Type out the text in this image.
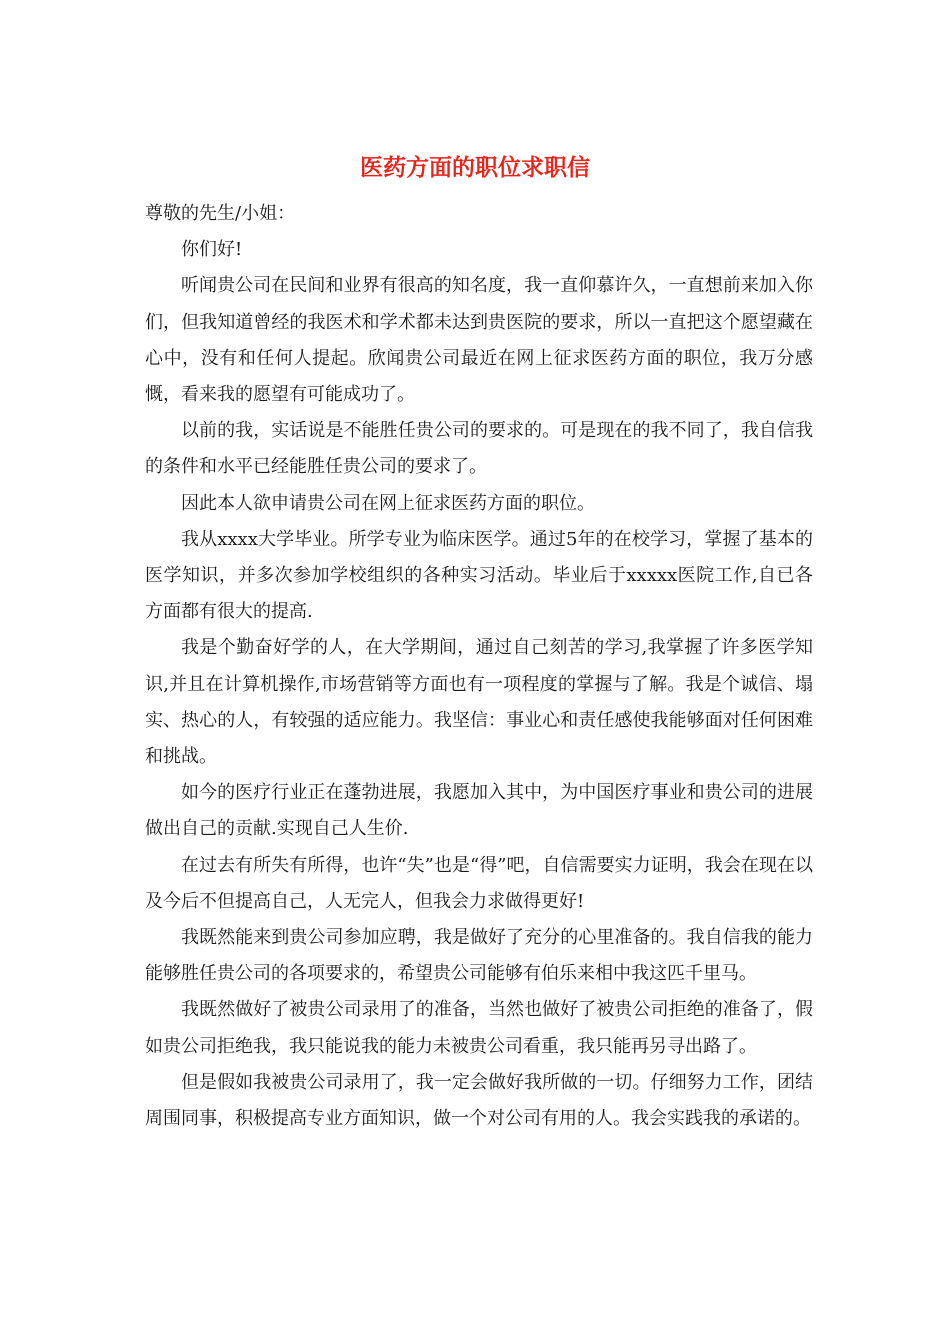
医药方面的职位求职信

尊敬的先生/小姐：

你们好!

听闻贵公司在民间和业界有很高的知名度，我一直仰慕许久，一直想前来加入你们，但我知道曾经的我医术和学术都未达到贵医院的要求，所以一直把这个愿望藏在心中，没有和任何人提起。欣闻贵公司最近在网上征求医药方面的职位，我万分感慨，看来我的愿望有可能成功了。

以前的我，实话说是不能胜任贵公司的要求的。可是现在的我不同了，我自信我的条件和水平已经能胜任贵公司的要求了。

因此本人欲申请贵公司在网上征求医药方面的职位。

我从xxxx大学毕业。所学专业为临床医学。通过5年的在校学习，掌握了基本的医学知识，并多次参加学校组织的各种实习活动。毕业后于xxxxx医院工作,自已各方面都有很大的提高.

我是个勤奋好学的人，在大学期间，通过自己刻苦的学习,我掌握了许多医学知识,并且在计算机操作,市场营销等方面也有一项程度的掌握与了解。我是个诚信、塌实、热心的人，有较强的适应能力。我坚信：事业心和责任感使我能够面对任何困难和挑战。

如今的医疗行业正在蓬勃进展，我愿加入其中，为中国医疗事业和贵公司的进展做出自己的贡献.实现自己人生价.

在过去有所失有所得，也许“失”也是“得”吧，自信需要实力证明，我会在现在以及今后不但提高自己，人无完人，但我会力求做得更好!

我既然能来到贵公司参加应聘，我是做好了充分的心里准备的。我自信我的能力能够胜任贵公司的各项要求的，希望贵公司能够有伯乐来相中我这匹千里马。

我既然做好了被贵公司录用了的准备，当然也做好了被贵公司拒绝的准备了，假如贵公司拒绝我，我只能说我的能力未被贵公司看重，我只能再另寻出路了。

但是假如我被贵公司录用了，我一定会做好我所做的一切。仔细努力工作，团结周围同事，积极提高专业方面知识，做一个对公司有用的人。我会实践我的承诺的。
